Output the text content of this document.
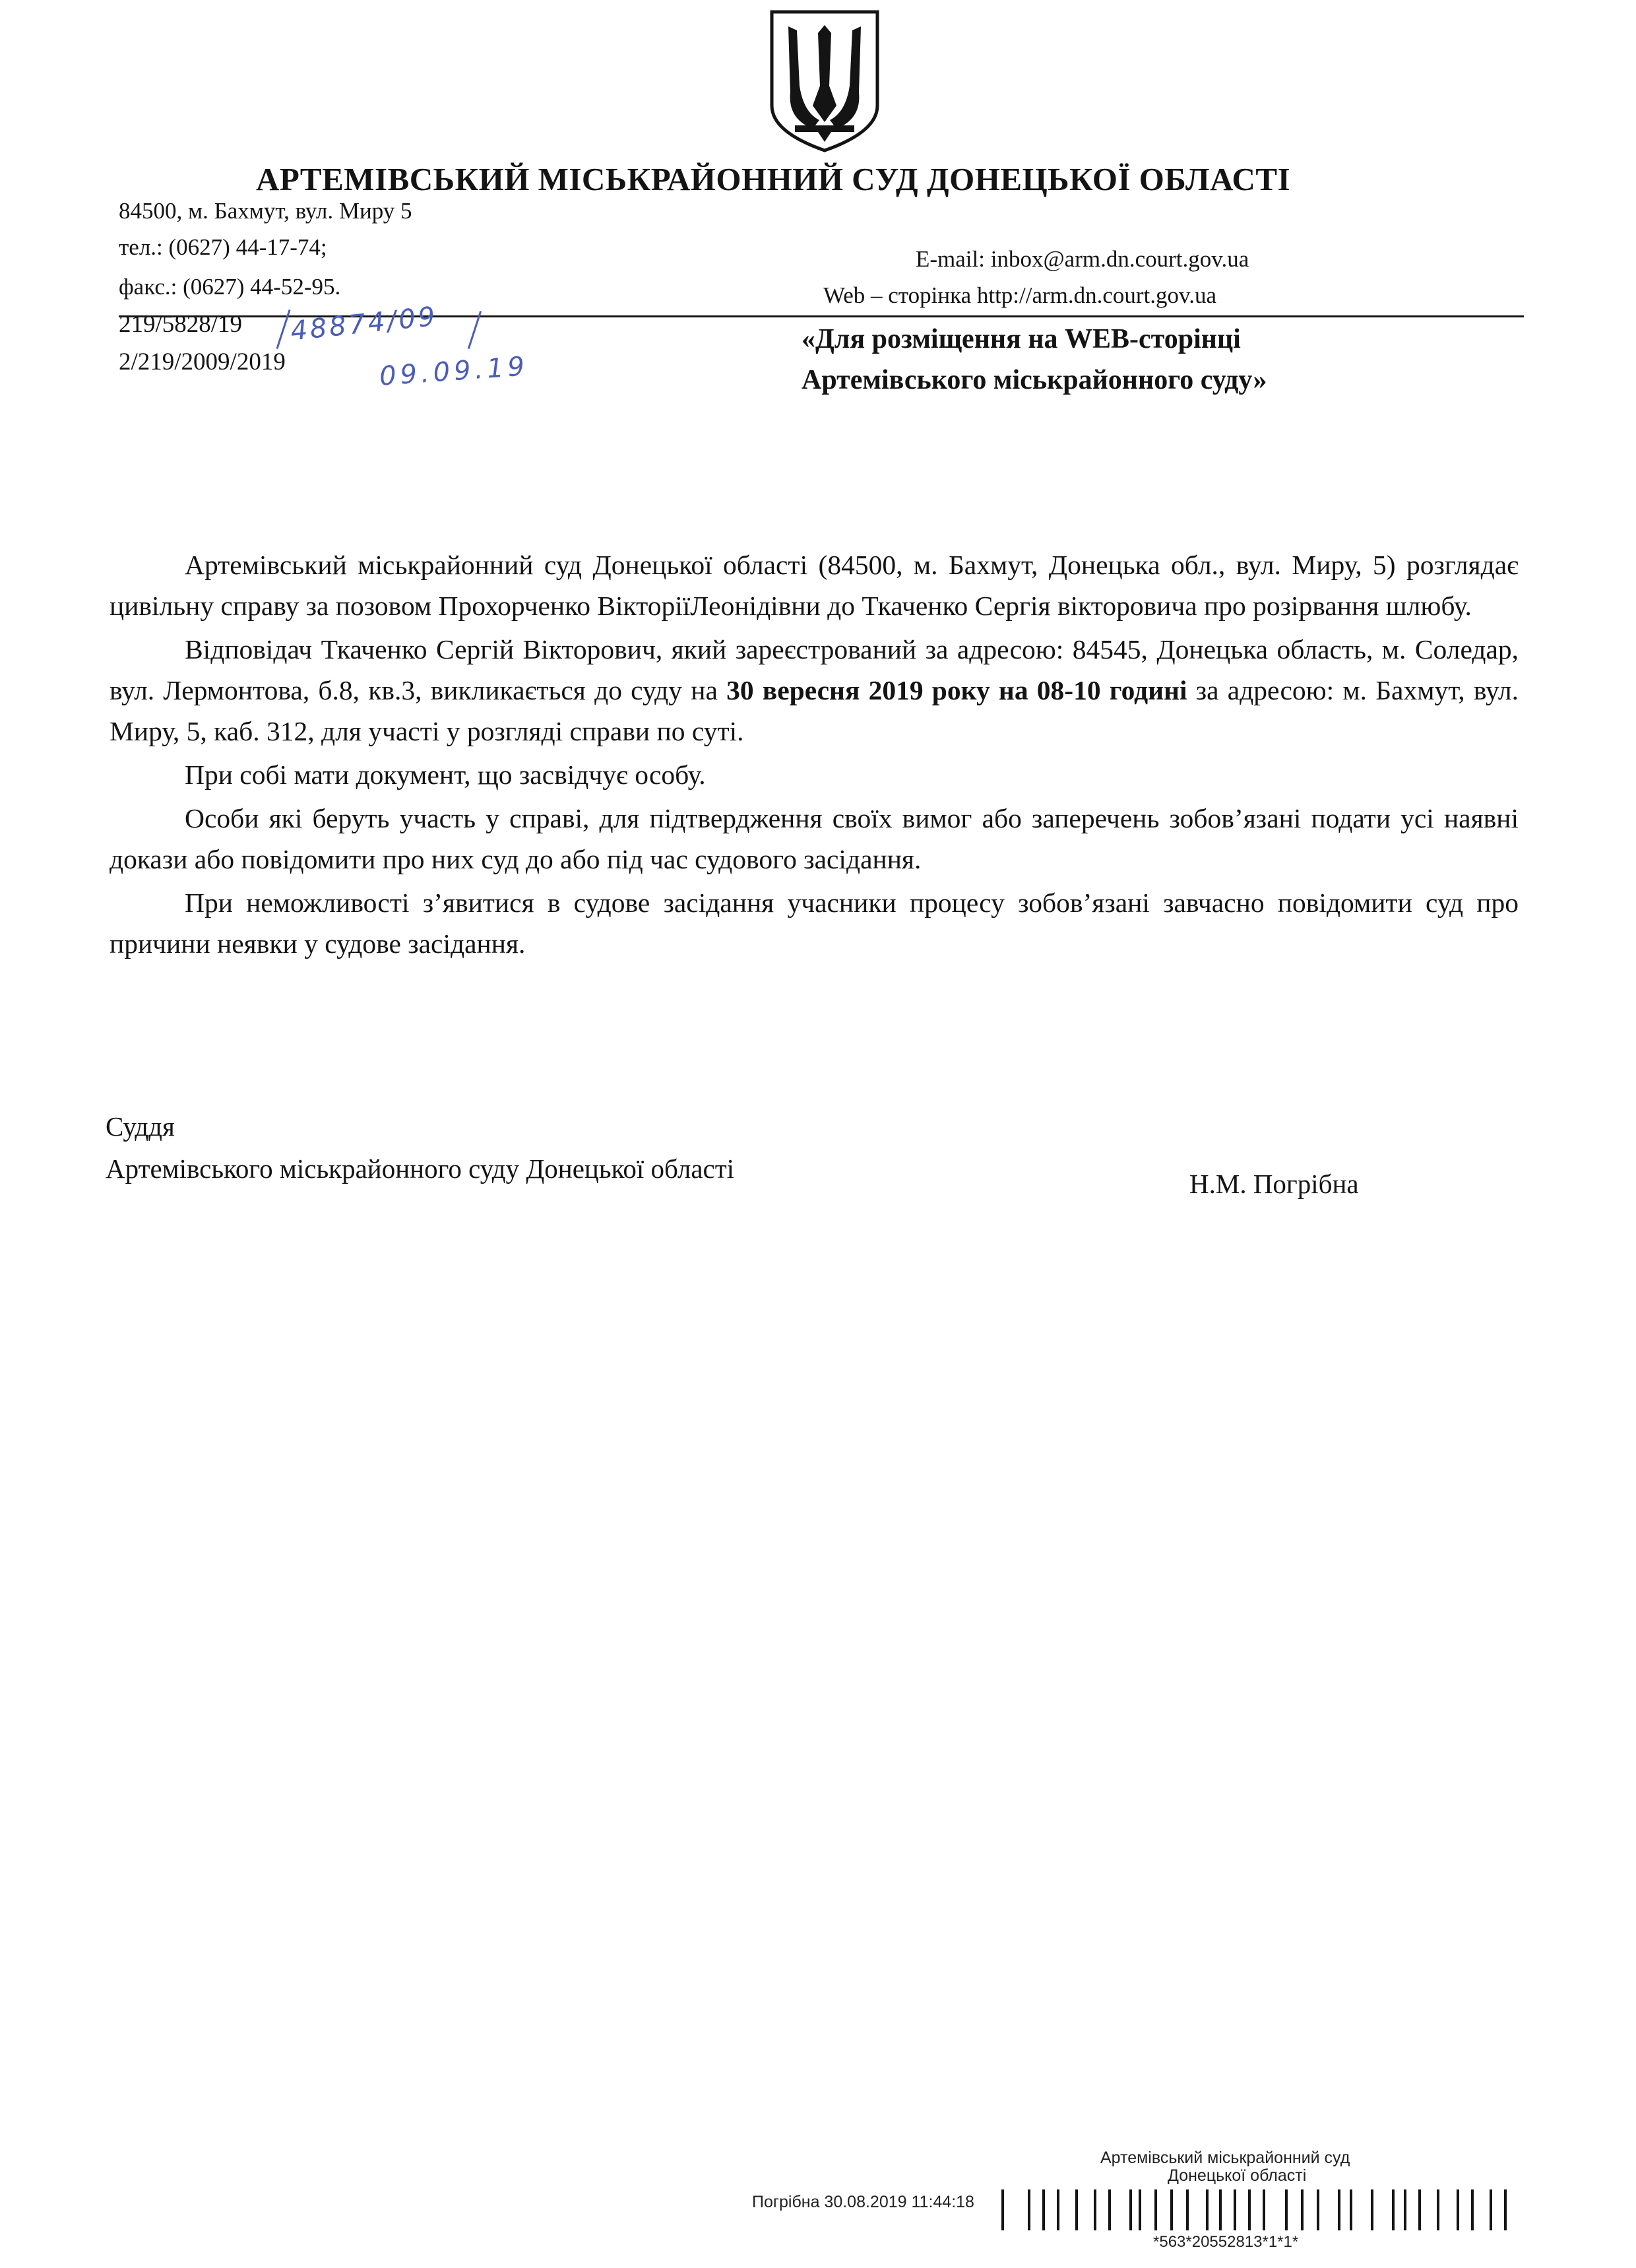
АРТЕМІВСЬКИЙ МІСЬКРАЙОННИЙ СУД ДОНЕЦЬКОЇ ОБЛАСТІ
84500, м. Бахмут, вул. Миру 5
тел.: (0627) 44-17-74;
факс.: (0627) 44-52-95.
E-mail: inbox@arm.dn.court.gov.ua
Web – сторінка http://arm.dn.court.gov.ua
219/5828/19
2/219/2009/2019
48874/09
09.09.19
«Для розміщення на WEB-сторінці
Артемівського міськрайонного суду»

Артемівський міськрайонний суд Донецької області (84500, м. Бахмут, Донецька обл., вул. Миру, 5) розглядає цивільну справу за позовом Прохорченко ВікторіїЛеонідівни до Ткаченко Сергія вікторовича про розірвання шлюбу.

Відповідач Ткаченко Сергій Вікторович, який зареєстрований за адресою: 84545, Донецька область, м. Соледар, вул. Лермонтова, б.8, кв.3, викликається до суду на 30 вересня 2019 року на 08-10 годині за адресою: м. Бахмут, вул. Миру, 5, каб. 312, для участі у розгляді справи по суті.

При собі мати документ, що засвідчує особу.

Особи які беруть участь у справі, для підтвердження своїх вимог або заперечень зобов’язані подати усі наявні докази або повідомити про них суд до або під час судового засідання.

При неможливості з’явитися в судове засідання учасники процесу зобов’язані завчасно повідомити суд про причини неявки у судове засідання.

Суддя
Артемівського міськрайонного суду Донецької області	Н.М. Погрібна
Артемівський міськрайонний суд
Донецької області
Погрібна 30.08.2019 11:44:18
*563*20552813*1*1*
